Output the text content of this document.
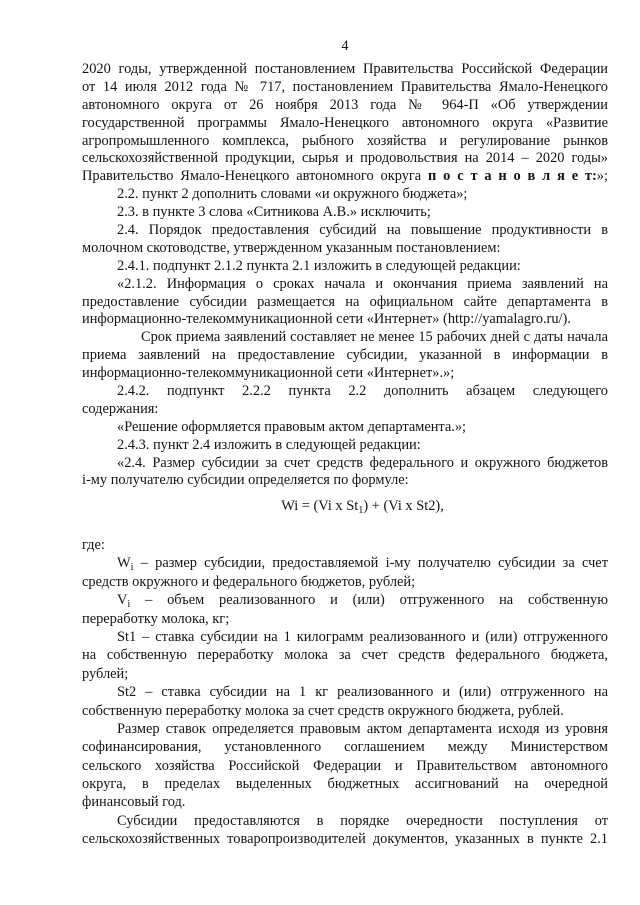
4
2020 годы, утвержденной постановлением Правительства Российской Федерации
от 14 июля 2012 года № 717, постановлением Правительства Ямало-Ненецкого
автономного округа от 26 ноября 2013 года № 964-П «Об утверждении
государственной программы Ямало-Ненецкого автономного округа «Развитие
агропромышленного комплекса, рыбного хозяйства и регулирование рынков
сельскохозяйственной продукции, сырья и продовольствия на 2014 – 2020 годы»
Правительство Ямало-Ненецкого автономного округа п о с т а н о в л я е т:»;
2.2. пункт 2 дополнить словами «и окружного бюджета»;
2.3. в пункте 3 слова «Ситникова А.В.» исключить;
2.4. Порядок предоставления субсидий на повышение продуктивности в
молочном скотоводстве, утвержденном указанным постановлением:
2.4.1. подпункт 2.1.2 пункта 2.1 изложить в следующей редакции:
«2.1.2. Информация о сроках начала и окончания приема заявлений на
предоставление субсидии размещается на официальном сайте департамента в
информационно-телекоммуникационной сети «Интернет» (http://yamalagro.ru/).
Срок приема заявлений составляет не менее 15 рабочих дней с даты начала
приема заявлений на предоставление субсидии, указанной в информации в
информационно-телекоммуникационной сети «Интернет».»;
2.4.2. подпункт 2.2.2 пункта 2.2 дополнить абзацем следующего
содержания:
«Решение оформляется правовым актом департамента.»;
2.4.3. пункт 2.4 изложить в следующей редакции:
«2.4. Размер субсидии за счет средств федерального и окружного бюджетов
i-му получателю субсидии определяется по формуле:
Wi = (Vi x $St_1) + (Vi$ x St2),
где:
$W_i$ – размер субсидии, предоставляемой i-му получателю субсидии за счет
средств окружного и федерального бюджетов, рублей;
$V_i$ – объем реализованного и (или) отгруженного на собственную
переработку молока, кг;
St1 – ставка субсидии на 1 килограмм реализованного и (или) отгруженного
на собственную переработку молока за счет средств федерального бюджета,
рублей;
St2 – ставка субсидии на 1 кг реализованного и (или) отгруженного на
собственную переработку молока за счет средств окружного бюджета, рублей.
Размер ставок определяется правовым актом департамента исходя из уровня
софинансирования, установленного соглашением между Министерством
сельского хозяйства Российской Федерации и Правительством автономного
округа, в пределах выделенных бюджетных ассигнований на очередной
финансовый год.
Субсидии предоставляются в порядке очередности поступления от
сельскохозяйственных товаропроизводителей документов, указанных в пункте 2.1
